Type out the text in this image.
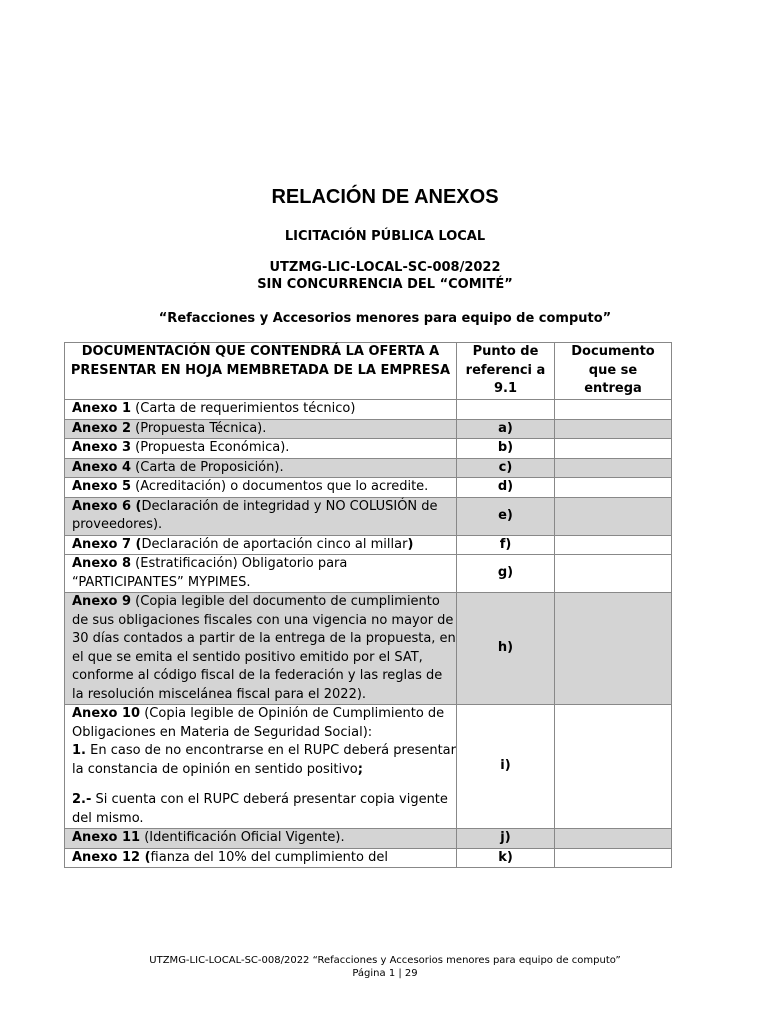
RELACIÓN DE ANEXOS
LICITACIÓN PÚBLICA LOCAL
UTZMG-LIC-LOCAL-SC-008/2022
SIN CONCURRENCIA DEL “COMITÉ”
“Refacciones y Accesorios menores para equipo de computo”
DOCUMENTACIÓN QUE CONTENDRÁ LA OFERTA A PRESENTAR EN HOJA MEMBRETADA DE LA EMPRESA	Punto de referenci a 9.1	Documento que se entrega
Anexo 1 (Carta de requerimientos técnico)		
Anexo 2 (Propuesta Técnica).	a)	
Anexo 3 (Propuesta Económica).	b)	
Anexo 4 (Carta de Proposición).	c)	
Anexo 5 (Acreditación) o documentos que lo acredite.	d)	
Anexo 6 (Declaración de integridad y NO COLUSIÓN de proveedores).	e)	
Anexo 7 (Declaración de aportación cinco al millar)	f)	
Anexo 8 (Estratificación) Obligatorio para “PARTICIPANTES” MYPIMES.	g)	
Anexo 9 (Copia legible del documento de cumplimiento de sus obligaciones fiscales con una vigencia no mayor de 30 días contados a partir de la entrega de la propuesta, en el que se emita el sentido positivo emitido por el SAT, conforme al código fiscal de la federación y las reglas de la resolución miscelánea fiscal para el 2022).	h)	

Anexo 10 (Copia legible de Opinión de Cumplimiento de Obligaciones en Materia de Seguridad Social):
1. En caso de no encontrarse en el RUPC deberá presentar la constancia de opinión en sentido positivo;
2.- Si cuenta con el RUPC deberá presentar copia vigente del mismo.	i)	
Anexo 11 (Identificación Oficial Vigente).	j)	
Anexo 12 (fianza del 10% del cumplimiento del	k)	
UTZMG-LIC-LOCAL-SC-008/2022 “Refacciones y Accesorios menores para equipo de computo”
Página 1 | 29
